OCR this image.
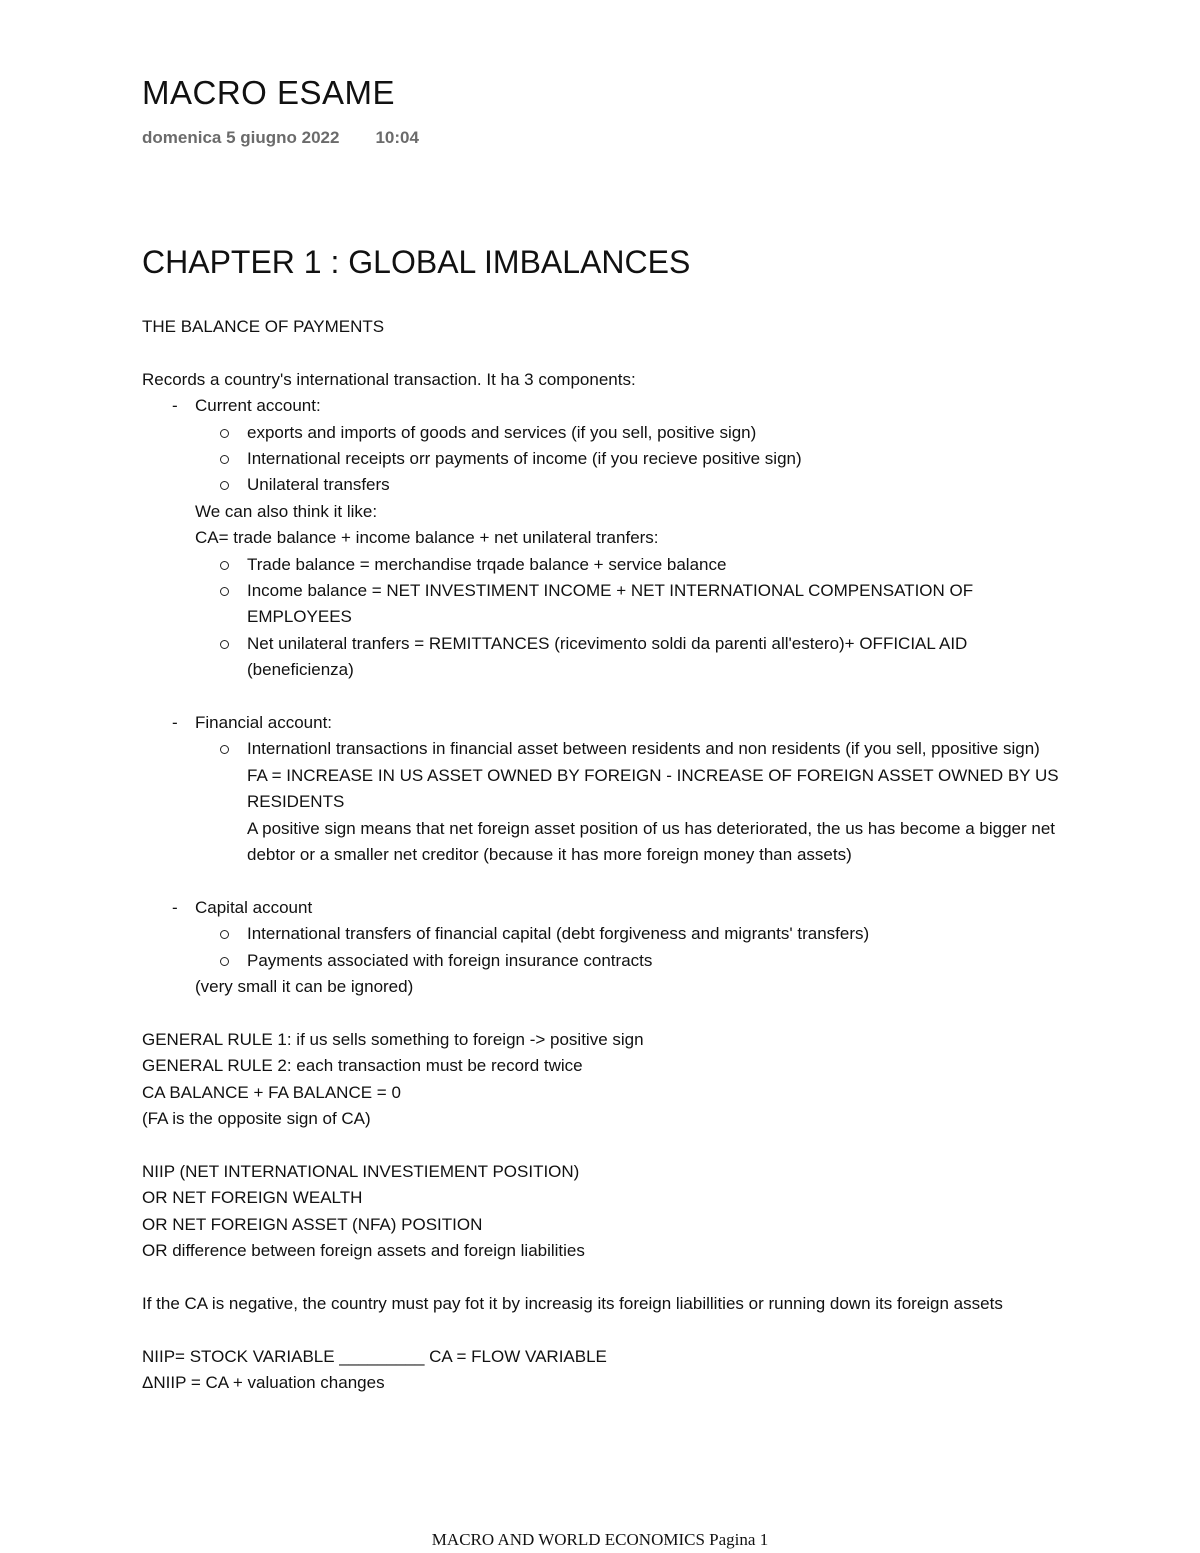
MACRO ESAME
domenica 5 giugno 2022 10:04
CHAPTER 1 : GLOBAL IMBALANCES
THE BALANCE OF PAYMENTS
Records a country's international transaction. It ha 3 components:
- Current account:
exports and imports of goods and services (if you sell, positive sign)
International receipts orr payments of income (if you recieve positive sign)
Unilateral transfers
We can also think it like:
CA= trade balance + income balance + net unilateral tranfers:
Trade balance = merchandise trqade balance + service balance
Income balance = NET INVESTIMENT INCOME + NET INTERNATIONAL COMPENSATION OF EMPLOYEES
Net unilateral tranfers = REMITTANCES (ricevimento soldi da parenti all'estero)+ OFFICIAL AID (beneficienza)
- Financial account:
Internationl transactions in financial asset between residents and non residents (if you sell, ppositive sign)
FA = INCREASE IN US ASSET OWNED BY FOREIGN - INCREASE OF FOREIGN ASSET OWNED BY US RESIDENTS
A positive sign means that net foreign asset position of us has deteriorated, the us has become a bigger net debtor or a smaller net creditor (because it has more foreign money than assets)
- Capital account
International transfers of financial capital (debt forgiveness and migrants' transfers)
Payments associated with foreign insurance contracts
(very small it can be ignored)
GENERAL RULE 1: if us sells something to foreign -> positive sign
GENERAL RULE 2: each transaction must be record twice
CA BALANCE + FA BALANCE = 0
(FA is the opposite sign of CA)
NIIP (NET INTERNATIONAL INVESTIEMENT POSITION)
OR NET FOREIGN WEALTH
OR NET FOREIGN ASSET (NFA) POSITION
OR difference between foreign assets and foreign liabilities
If the CA is negative, the country must pay fot it by increasig its foreign liabillities or running down its foreign assets
NIIP= STOCK VARIABLE _________ CA = FLOW VARIABLE
ΔNIIP = CA + valuation changes
MACRO AND WORLD ECONOMICS Pagina 1
